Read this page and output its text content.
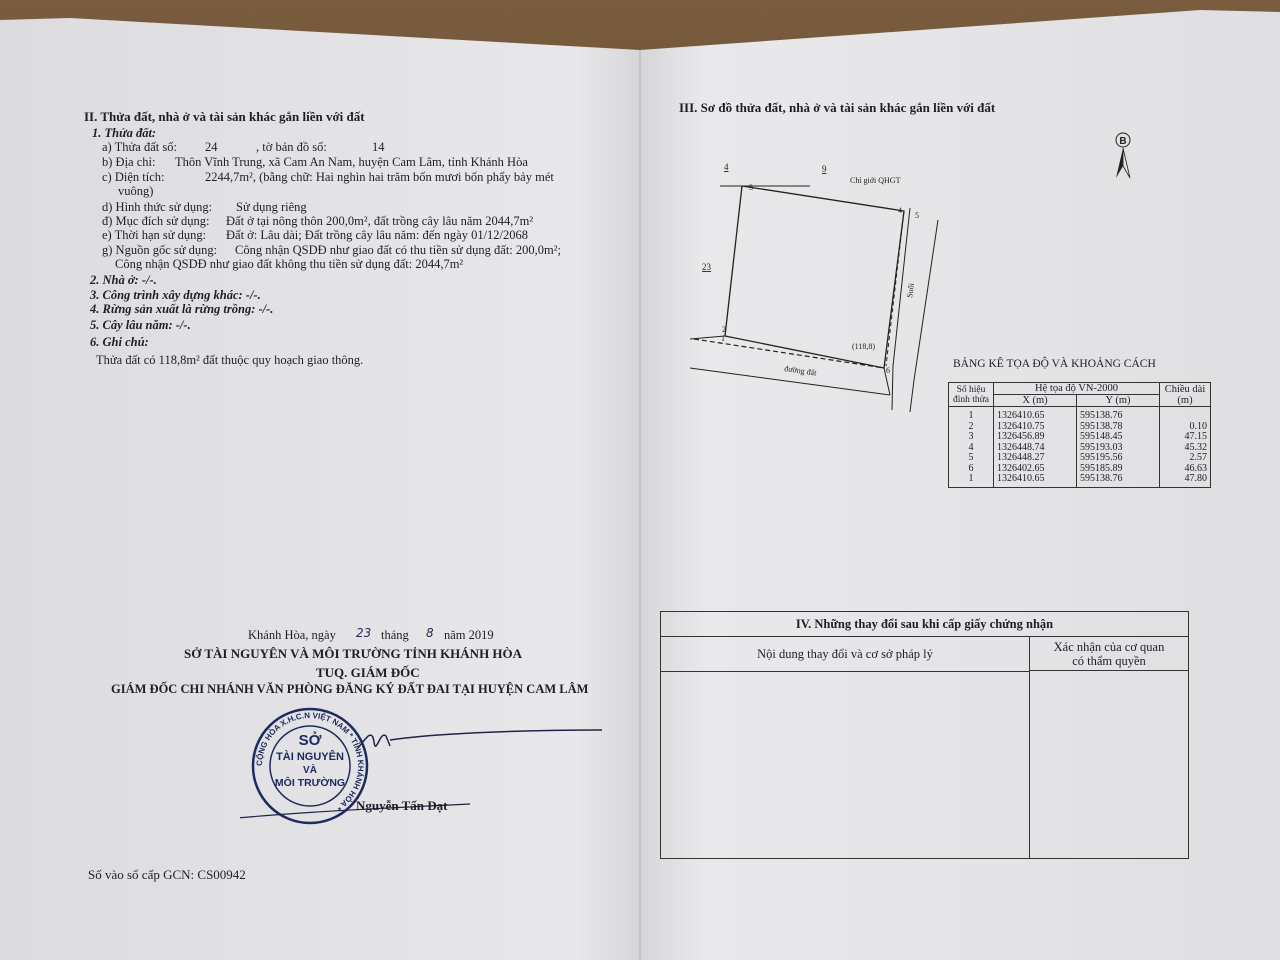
II. Thửa đất, nhà ở và tài sản khác gắn liền với đất
1. Thửa đất:
a) Thửa đất số: 24	, tờ bản đồ số:	14
b) Địa chỉ: Thôn Vĩnh Trung, xã Cam An Nam, huyện Cam Lâm, tỉnh Khánh Hòa
c) Diện tích:	2244,7m², (bằng chữ: Hai nghìn hai trăm bốn mươi bốn phẩy bảy mét
vuông)
d) Hình thức sử dụng: Sử dụng riêng
đ) Mục đích sử dụng: Đất ở tại nông thôn 200,0m², đất trồng cây lâu năm 2044,7m²
e) Thời hạn sử dụng: Đất ở: Lâu dài; Đất trồng cây lâu năm: đến ngày 01/12/2068
g) Nguồn gốc sử dụng: Công nhận QSDĐ như giao đất có thu tiền sử dụng đất: 200,0m²;
Công nhận QSDĐ như giao đất không thu tiền sử dụng đất: 2044,7m²
2. Nhà ở: -/-.
3. Công trình xây dựng khác: -/-.
4. Rừng sản xuất là rừng trồng: -/-.
5. Cây lâu năm: -/-.
6. Ghi chú:
Thửa đất có 118,8m² đất thuộc quy hoạch giao thông.
Khánh Hòa, ngày 23 tháng 8 năm 2019
SỞ TÀI NGUYÊN VÀ MÔI TRƯỜNG TỈNH KHÁNH HÒA
TUQ. GIÁM ĐỐC
GIÁM ĐỐC CHI NHÁNH VĂN PHÒNG ĐĂNG KÝ ĐẤT ĐAI TẠI HUYỆN CAM LÂM
CỘNG HÒA X.H.C.N VIỆT NAM * TỈNH KHÁNH HÒA *
SỞ
TÀI NGUYÊN
VÀ
MÔI TRƯỜNG
Nguyễn Tấn Đạt
Số vào sổ cấp GCN: CS00942
III. Sơ đồ thửa đất, nhà ở và tài sản khác gắn liền với đất
B
4	9
23
Chỉ giới QHGT
Suối
đường đất
(118,8)
1
2
3
4
5
6
BẢNG KÊ TỌA ĐỘ VÀ KHOẢNG CÁCH
Số hiệu đỉnh thửa	Hệ tọa độ VN-2000		Chiều dài (m)
	X (m)	Y (m)	
1	1326410.65	595138.76	
2	1326410.75	595138.78	0.10
3	1326456.89	595148.45	47.15
4	1326448.74	595193.03	45.32
5	1326448.27	595195.56	2.57
6	1326402.65	595185.89	46.63
1	1326410.65	595138.76	47.80
IV. Những thay đổi sau khi cấp giấy chứng nhận
Nội dung thay đổi và cơ sở pháp lý	Xác nhận của cơ quan
có thẩm quyền
